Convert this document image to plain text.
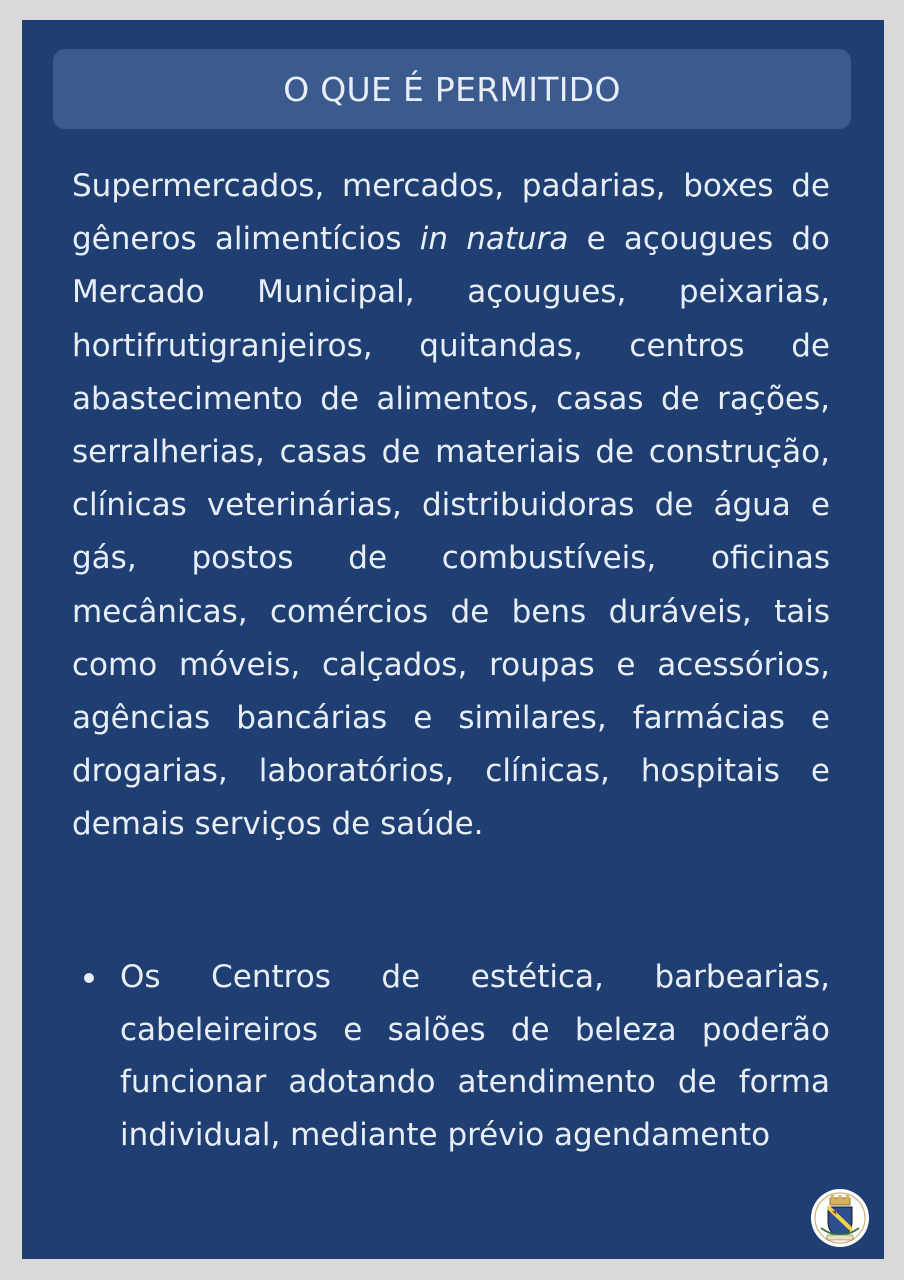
O QUE É PERMITIDO

Supermercados, mercados, padarias, boxes de gêneros alimentícios in natura e açougues do Mercado Municipal, açougues, peixarias, hortifrutigranjeiros, quitandas, centros de abastecimento de alimentos, casas de rações, serralherias, casas de materiais de construção, clínicas veterinárias, distribuidoras de água e gás, postos de combustíveis, oficinas mecânicas, comércios de bens duráveis, tais como móveis, calçados, roupas e acessórios, agências bancárias e similares, farmácias e drogarias, laboratórios, clínicas, hospitais e demais serviços de saúde.

Os Centros de estética, barbearias, cabeleireiros e salões de beleza poderão funcionar adotando atendimento de forma individual, mediante prévio agendamento
